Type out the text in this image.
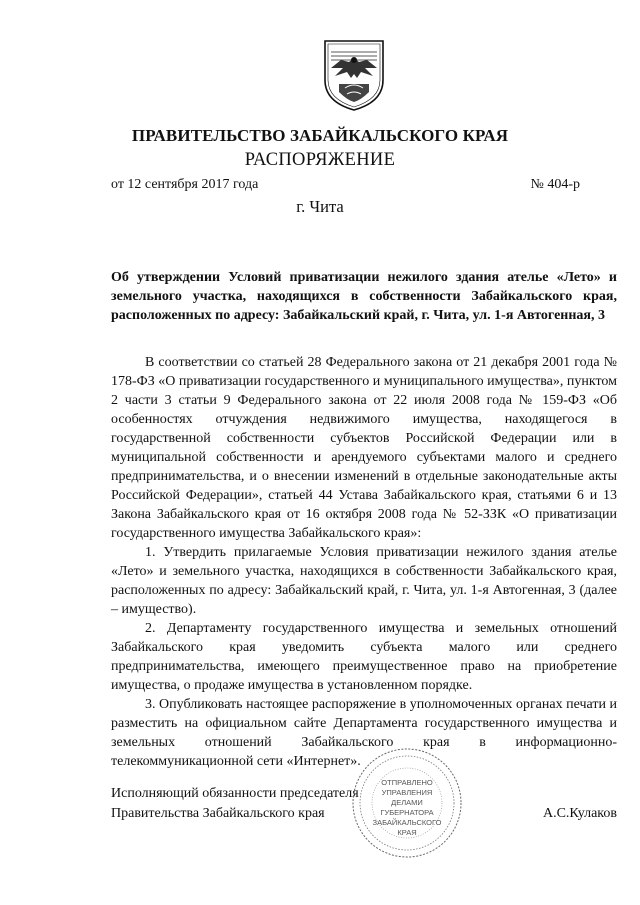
ПРАВИТЕЛЬСТВО ЗАБАЙКАЛЬСКОГО КРАЯ
РАСПОРЯЖЕНИЕ
от 12 сентября 2017 года	№ 404-р
г. Чита
Об утверждении Условий приватизации нежилого здания ателье «Лето» и земельного участка, находящихся в собственности Забайкальского края, расположенных по адресу: Забайкальский край, г. Чита, ул. 1-я Автогенная, 3

В соответствии со статьей 28 Федерального закона от 21 декабря 2001 года № 178-ФЗ «О приватизации государственного и муниципального имущества», пунктом 2 части 3 статьи 9 Федерального закона от 22 июля 2008 года № 159-ФЗ «Об особенностях отчуждения недвижимого имущества, находящегося в государственной собственности субъектов Российской Федерации или в муниципальной собственности и арендуемого субъектами малого и среднего предпринимательства, и о внесении изменений в отдельные законодательные акты Российской Федерации», статьей 44 Устава Забайкальского края, статьями 6 и 13 Закона Забайкальского края от 16 октября 2008 года № 52-ЗЗК «О приватизации государственного имущества Забайкальского края»:

1. Утвердить прилагаемые Условия приватизации нежилого здания ателье «Лето» и земельного участка, находящихся в собственности Забайкальского края, расположенных по адресу: Забайкальский край, г. Чита, ул. 1-я Автогенная, 3 (далее – имущество).

2. Департаменту государственного имущества и земельных отношений Забайкальского края уведомить субъекта малого или среднего предпринимательства, имеющего преимущественное право на приобретение имущества, о продаже имущества в установленном порядке.

3. Опубликовать настоящее распоряжение в уполномоченных органах печати и разместить на официальном сайте Департамента государственного имущества и земельных отношений Забайкальского края в информационно-телекоммуникационной сети «Интернет».

Исполняющий обязанности председателя
Правительства Забайкальского края	А.С.Кулаков
ОТПРАВЛЕНО
УПРАВЛЕНИЯ
ДЕЛАМИ
ГУБЕРНАТОРА
ЗАБАЙКАЛЬСКОГО
КРАЯ
